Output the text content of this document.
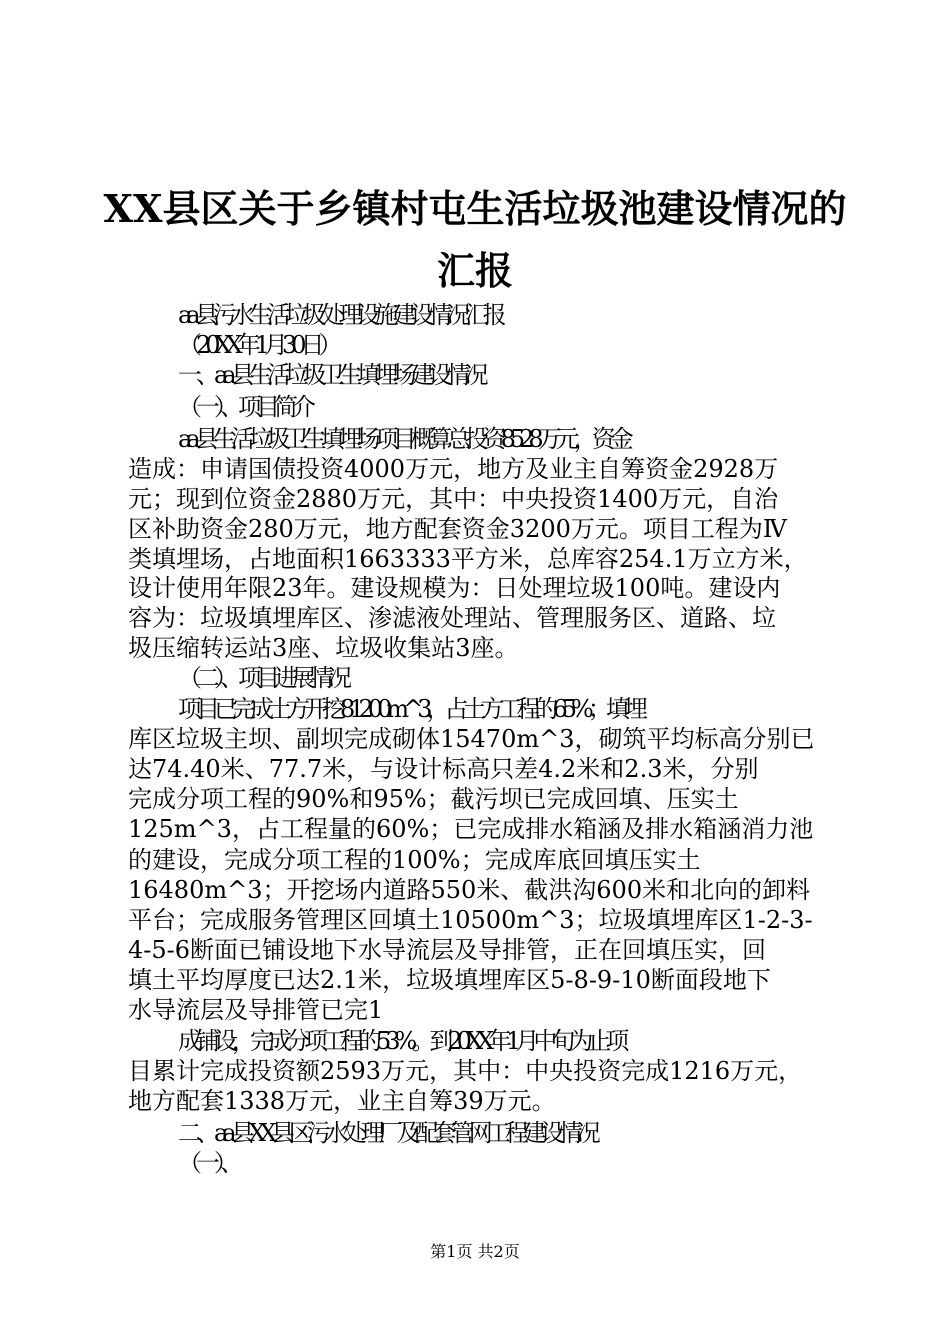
XX县区关于乡镇村屯生活垃圾池建设情况的
汇报
aa县污水生活垃圾处理设施建设情况汇报
（20XX年1月30日）
一、aa县生活垃圾卫生填埋场建设情况
（一）、项目简介
aa县生活垃圾卫生填埋场项目概算总投资8528万元，资金
造成：申请国债投资4000万元，地方及业主自筹资金2928万
元；现到位资金2880万元，其中：中央投资1400万元，自治
区补助资金280万元，地方配套资金3200万元。项目工程为Ⅳ
类填埋场，占地面积1663333平方米，总库容254.1万立方米，
设计使用年限23年。建设规模为：日处理垃圾100吨。建设内
容为：垃圾填埋库区、渗滤液处理站、管理服务区、道路、垃
圾压缩转运站3座、垃圾收集站3座。
（二）、项目进展情况
项目已完成土方开挖81200m^3，占土方工程的65%；填埋
库区垃圾主坝、副坝完成砌体15470m^3，砌筑平均标高分别已
达74.40米、77.7米，与设计标高只差4.2米和2.3米，分别
完成分项工程的90%和95%；截污坝已完成回填、压实土
125m^3，占工程量的60%；已完成排水箱涵及排水箱涵消力池
的建设，完成分项工程的100%；完成库底回填压实土
16480m^3；开挖场内道路550米、截洪沟600米和北向的卸料
平台；完成服务管理区回填土10500m^3；垃圾填埋库区1-2-3-
4-5-6断面已铺设地下水导流层及导排管，正在回填压实，回
填土平均厚度已达2.1米，垃圾填埋库区5-8-9-10断面段地下
水导流层及导排管已完1
成铺设，完成分项工程的53%。到20XX年1月中旬为止项
目累计完成投资额2593万元，其中：中央投资完成1216万元，
地方配套1338万元，业主自筹39万元。
二、aa县XX县区污水处理厂及配套管网工程建设情况
（一）、
第1页 共2页
